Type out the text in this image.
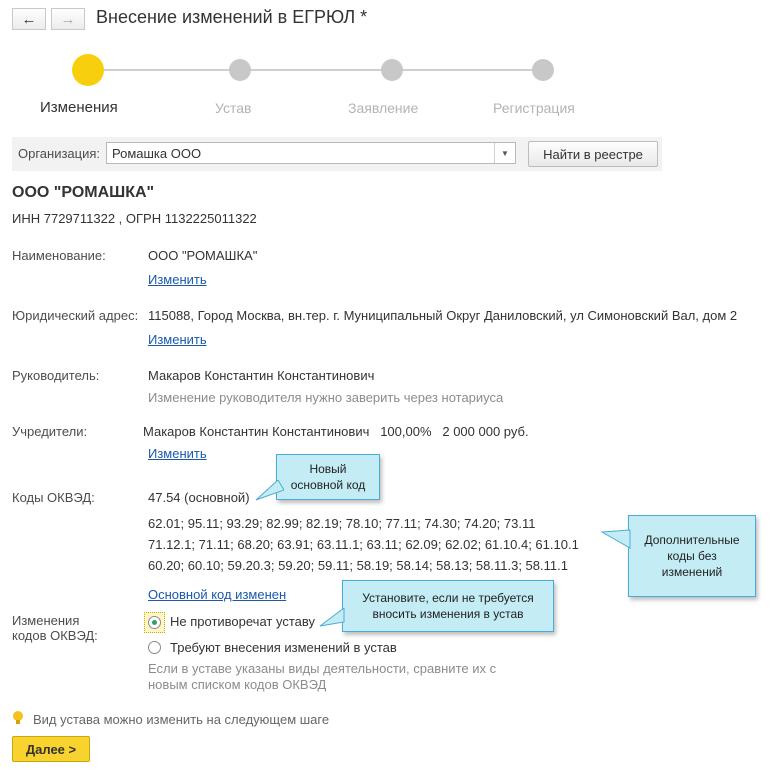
← → Внесение изменений в ЕГРЮЛ *
Изменения	Устав	Заявление	Регистрация
Организация: Ромашка ООО	▼	Найти в реестре
ООО "РОМАШКА"
ИНН 7729711322 , ОГРН 1132225011322
Наименование:	ООО "РОМАШКА"
Изменить
Юридический адрес: 115088, Город Москва, вн.тер. г. Муниципальный Округ Даниловский, ул Симоновский Вал, дом 2
Изменить
Руководитель:	Макаров Константин Константинович
Изменение руководителя нужно заверить через нотариуса
Учредители:	Макаров Константин Константинович   100,00%   2 000 000 руб.
Изменить
Коды ОКВЭД:	47.54 (основной)
62.01; 95.11; 93.29; 82.99; 82.19; 78.10; 77.11; 74.30; 74.20; 73.11
71.12.1; 71.11; 68.20; 63.91; 63.11.1; 63.11; 62.09; 62.02; 61.10.4; 61.10.1
60.20; 60.10; 59.20.3; 59.20; 59.11; 58.19; 58.14; 58.13; 58.11.3; 58.11.1
Основной код изменен
Изменения
кодов ОКВЭД:
Не противоречат уставу
Требуют внесения изменений в устав
Если в уставе указаны виды деятельности, сравните их с
новым списком кодов ОКВЭД
Новый
основной код
Дополнительные
коды без
изменений
Установите, если не требуется
вносить изменения в устав
Вид устава можно изменить на следующем шаге
Далее >
